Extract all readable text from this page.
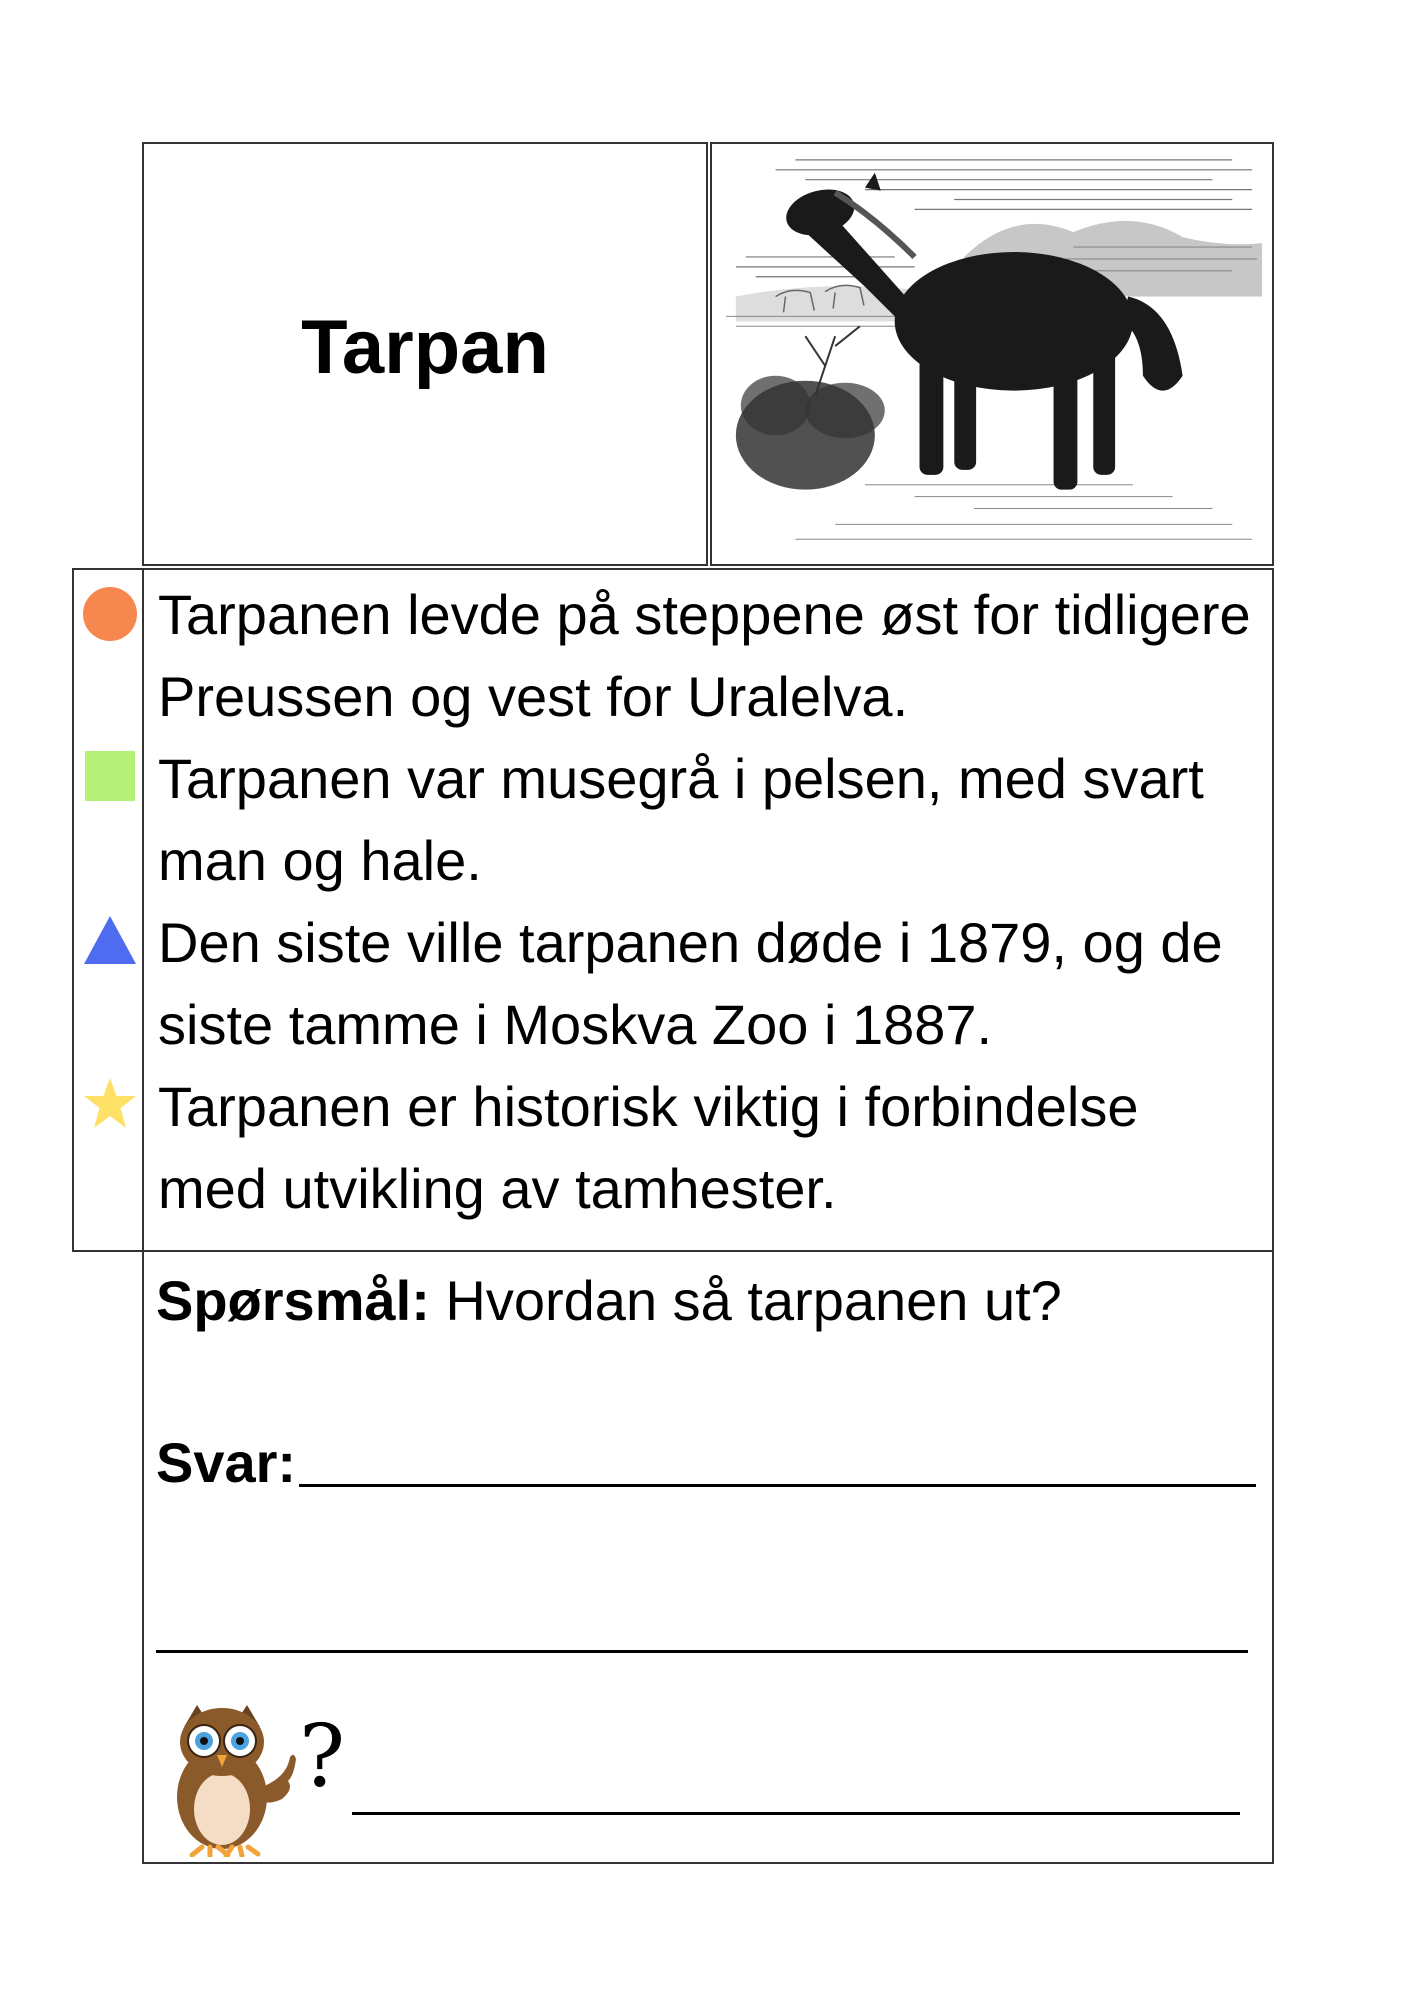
Tarpan

Tarpanen levde på steppene øst for tidligere Preussen og vest for Uralelva.

Tarpanen var musegrå i pelsen, med svart man og hale.

Den siste ville tarpanen døde i 1879, og de siste tamme i Moskva Zoo i 1887.

Tarpanen er historisk viktig i forbindelse med utvikling av tamhester.

Spørsmål: Hvordan så tarpanen ut?
Svar:
?
